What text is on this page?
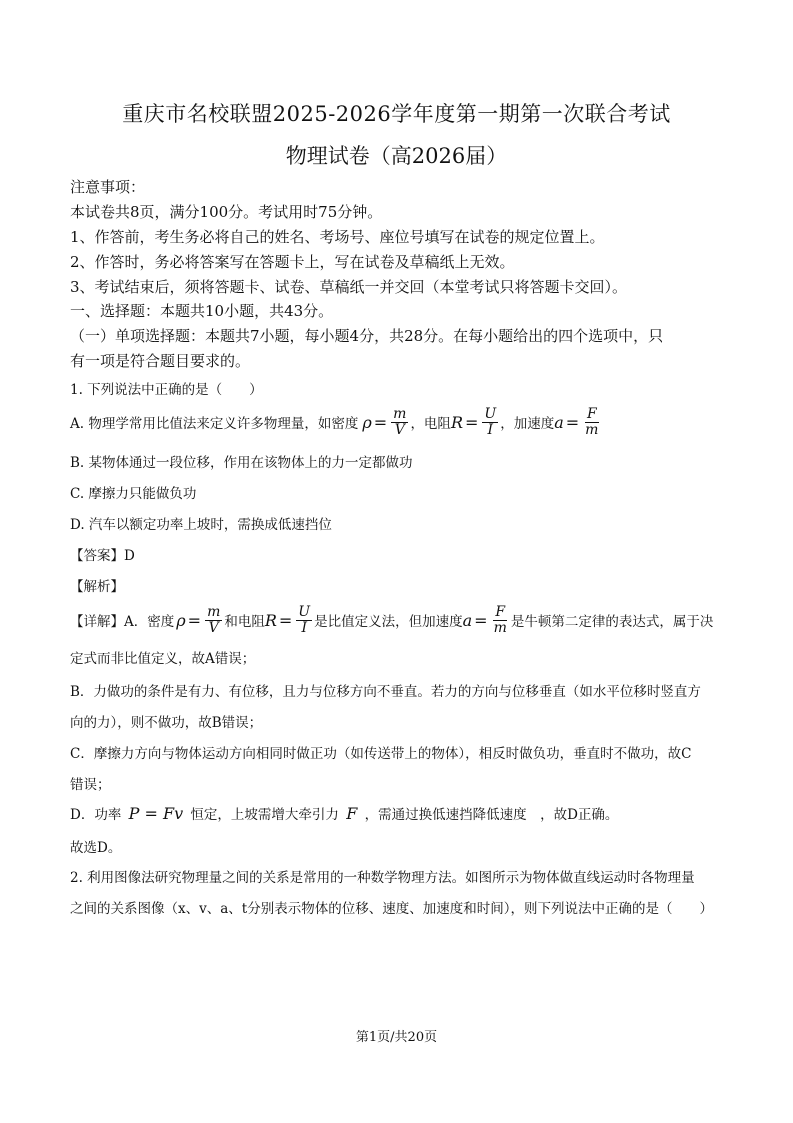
重庆市名校联盟2025-2026学年度第一期第一次联合考试
物理试卷（高2026届）
注意事项：
本试卷共8页，满分100分。考试用时75分钟。
1、作答前，考生务必将自己的姓名、考场号、座位号填写在试卷的规定位置上。
2、作答时，务必将答案写在答题卡上，写在试卷及草稿纸上无效。
3、考试结束后，须将答题卡、试卷、草稿纸一并交回（本堂考试只将答题卡交回）。
一、选择题：本题共10小题，共43分。
（一）单项选择题：本题共7小题，每小题4分，共28分。在每小题给出的四个选项中，只
有一项是符合题目要求的。
1. 下列说法中正确的是（　　）
A. 物理学常用比值法来定义许多物理量，如密度 $\rho = \frac{m}{V}$ ，电阻 $R = \frac{U}{I}$ ，加速度 $a = \frac{F}{m}$
B. 某物体通过一段位移，作用在该物体上的力一定都做功
C. 摩擦力只能做负功
D. 汽车以额定功率上坡时，需换成低速挡位
【答案】D
【解析】
【详解】A．密度 $\rho = \frac{m}{V}$ 和电阻 $R = \frac{U}{I}$ 是比值定义法，但加速度 $a = \frac{F}{m}$ 是牛顿第二定律的表达式，属于决
定式而非比值定义，故A错误；
B．力做功的条件是有力、有位移，且力与位移方向不垂直。若力的方向与位移垂直（如水平位移时竖直方
向的力），则不做功，故B错误；
C．摩擦力方向与物体运动方向相同时做正功（如传送带上的物体），相反时做负功，垂直时不做功，故C
错误；
D．功率 P = Fv 恒定，上坡需增大牵引力 F ，需通过换低速挡降低速度　，故D正确。
故选D。
2. 利用图像法研究物理量之间的关系是常用的一种数学物理方法。如图所示为物体做直线运动时各物理量
之间的关系图像（x、v、a、t分别表示物体的位移、速度、加速度和时间），则下列说法中正确的是（　　）
第1页/共20页
